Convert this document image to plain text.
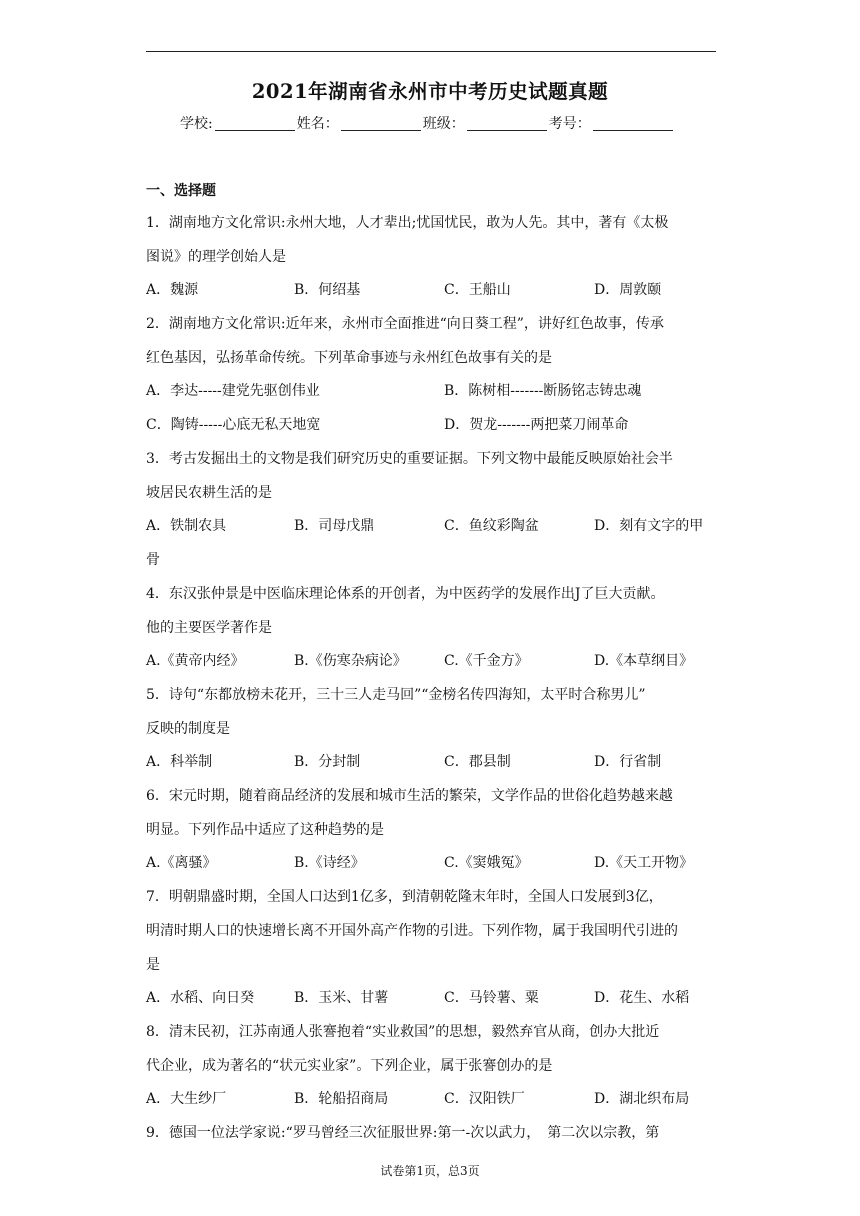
2021年湖南省永州市中考历史试题真题
学校:	姓名：	班级：	考号：
一、选择题
1．湖南地方文化常识:永州大地，人才辈出;忧国忧民，敢为人先。其中，著有《太极
图说》的理学创始人是
A．魏源	B．何绍基	C．王船山	D．周敦颐
2．湖南地方文化常识:近年来，永州市全面推进“向日葵工程”，讲好红色故事，传承
红色基因，弘扬革命传统。下列革命事迹与永州红色故事有关的是
A．李达-----建党先驱创伟业	B．陈树相-------断肠铭志铸忠魂
C．陶铸-----心底无私天地宽	D．贺龙-------两把菜刀闹革命
3．考古发掘出土的文物是我们研究历史的重要证据。下列文物中最能反映原始社会半
坡居民农耕生活的是
A．铁制农具	B．司母戊鼎	C．鱼纹彩陶盆	D．刻有文字的甲
骨
4．东汉张仲景是中医临床理论体系的开创者，为中医药学的发展作出J了巨大贡献。
他的主要医学著作是
A.《黄帝内经》	B.《伤寒杂病论》	C.《千金方》	D.《本草纲目》
5．诗句“东都放榜未花开，三十三人走马回”“金榜名传四海知，太平时合称男儿”
反映的制度是
A．科举制	B．分封制	C．郡县制	D．行省制
6．宋元时期，随着商品经济的发展和城市生活的繁荣，文学作品的世俗化趋势越来越
明显。下列作品中适应了这种趋势的是
A.《离骚》	B.《诗经》	C.《窦娥冤》	D.《天工开物》
7．明朝鼎盛时期，全国人口达到1亿多，到清朝乾隆末年时，全国人口发展到3亿，
明清时期人口的快速增长离不开国外高产作物的引进。下列作物，属于我国明代引进的
是
A．水稻、向日癸	B．玉米、甘薯	C．马铃薯、粟	D．花生、水稻
8．清末民初，江苏南通人张謇抱着“实业救国”的思想，毅然弃官从商，创办大批近
代企业，成为著名的“状元实业家”。下列企业，属于张謇创办的是
A．大生纱厂	B．轮船招商局	C．汉阳铁厂	D．湖北织布局
9．德国一位法学家说:“罗马曾经三次征服世界:第一-次以武力，　第二次以宗教，第
试卷第1页，总3页
